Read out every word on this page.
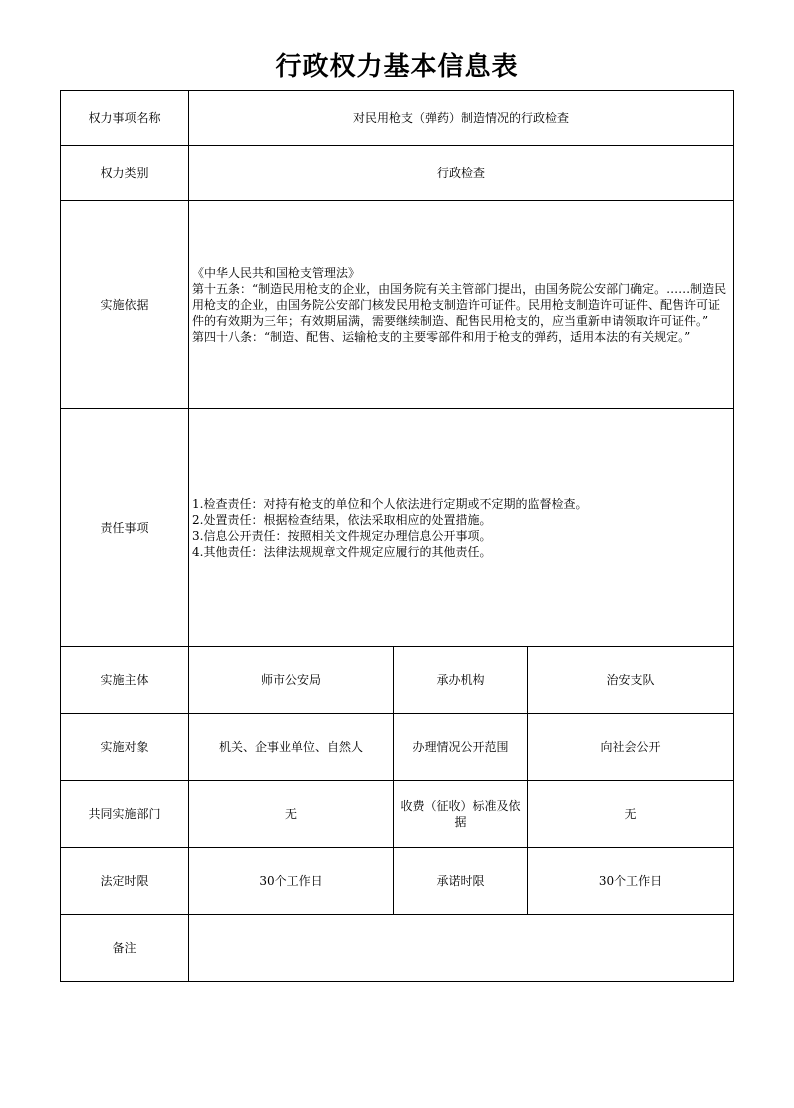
行政权力基本信息表
权力事项名称	对民用枪支（弹药）制造情况的行政检查		
权力类别	行政检查		
实施依据	《中华人民共和国枪支管理法》
第十五条：“制造民用枪支的企业，由国务院有关主管部门提出，由国务院公安部门确定。……制造民用枪支的企业，由国务院公安部门核发民用枪支制造许可证件。民用枪支制造许可证件、配售许可证件的有效期为三年；有效期届满，需要继续制造、配售民用枪支的，应当重新申请领取许可证件。”
第四十八条：“制造、配售、运输枪支的主要零部件和用于枪支的弹药，适用本法的有关规定。”		

责任事项	1.检查责任：对持有枪支的单位和个人依法进行定期或不定期的监督检查。
2.处置责任：根据检查结果，依法采取相应的处置措施。
3.信息公开责任：按照相关文件规定办理信息公开事项。
4.其他责任：法律法规规章文件规定应履行的其他责任。		

实施主体	师市公安局	承办机构	治安支队
实施对象	机关、企事业单位、自然人	办理情况公开范围	向社会公开
共同实施部门	无	收费（征收）标准及依据	无
法定时限	30个工作日	承诺时限	30个工作日
备注			
